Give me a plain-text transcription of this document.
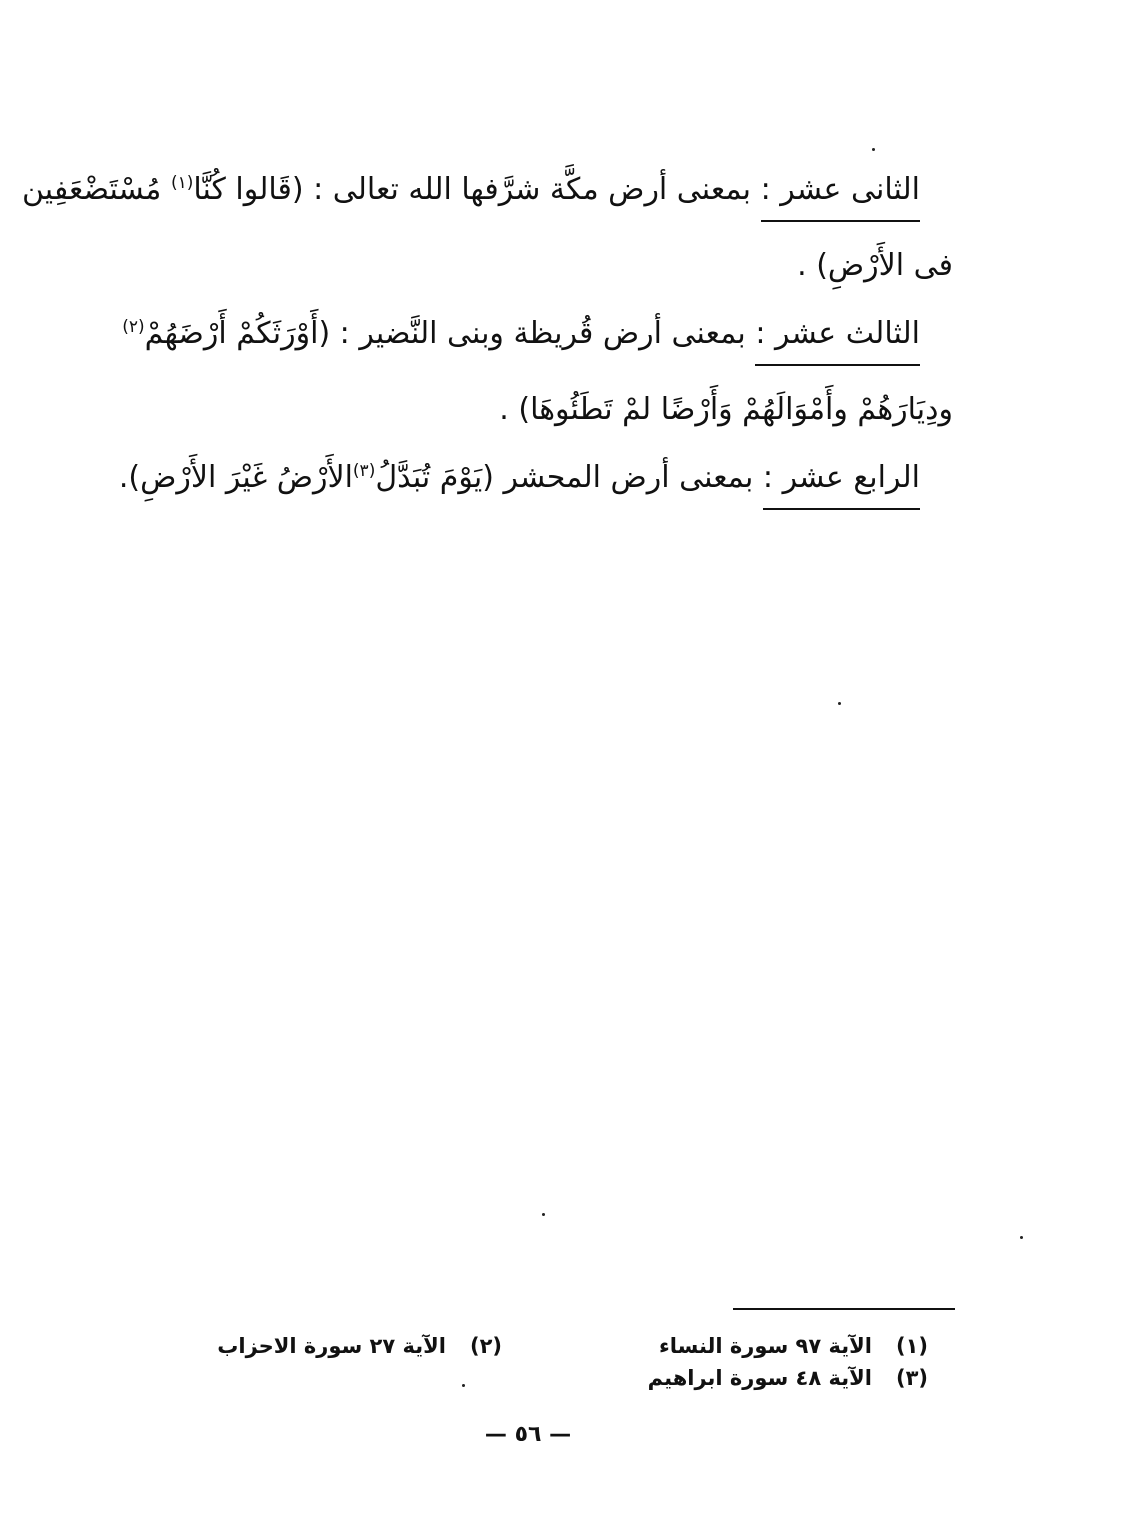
الثانى عشر : بمعنى أرض مكَّة شرَّفها الله تعالى : (قَالوا كُنَّا$^{(١)}$ مُسْتَضْعَفِين
فى الأَرْضِ) .
الثالث عشر : بمعنى أرض قُريظة وبنى النَّضير : (أَوْرَثَكُمْ أَرْضَهُمْ$^{(٢)}$
ودِيَارَهُمْ وأَمْوَالَهُمْ وَأَرْضًا لمْ تَطَئُوهَا) .
الرابع عشر : بمعنى أرض المحشر (يَوْمَ تُبَدَّلُ$^{(٣)}$الأَرْضُ غَيْرَ الأَرْضِ).
(١)الآية ٩٧ سورة النساء
(٢)الآية ٢٧ سورة الاحزاب
(٣)الآية ٤٨ سورة ابراهيم
— ٥٦ —
